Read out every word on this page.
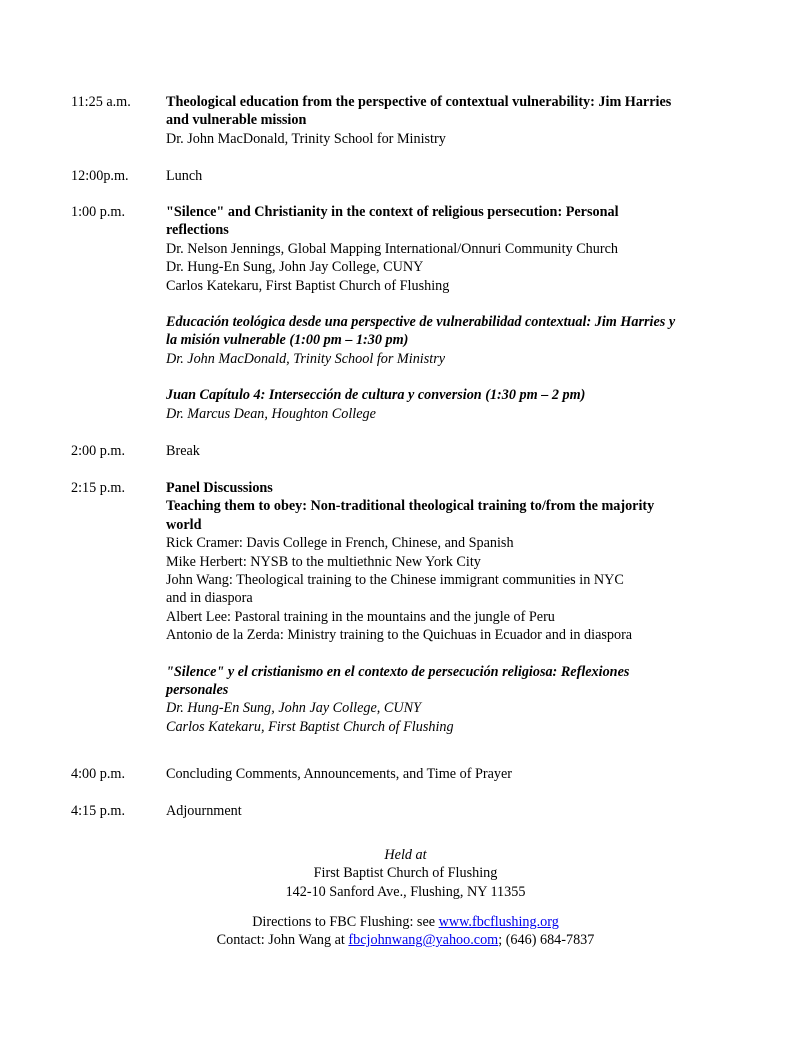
11:25 a.m.	Theological education from the perspective of contextual vulnerability: Jim Harries
and vulnerable mission
Dr. John MacDonald, Trinity School for Ministry
12:00p.m.	Lunch
1:00 p.m.	"Silence" and Christianity in the context of religious persecution: Personal
reflections
Dr. Nelson Jennings, Global Mapping International/Onnuri Community Church
Dr. Hung-En Sung, John Jay College, CUNY
Carlos Katekaru, First Baptist Church of Flushing
Educación teológica desde una perspective de vulnerabilidad contextual: Jim Harries y
la misión vulnerable (1:00 pm – 1:30 pm)
Dr. John MacDonald, Trinity School for Ministry
Juan Capítulo 4: Intersección de cultura y conversion (1:30 pm – 2 pm)
Dr. Marcus Dean, Houghton College
2:00 p.m.	Break
2:15 p.m.	Panel Discussions
Teaching them to obey: Non-traditional theological training to/from the majority
world
Rick Cramer: Davis College in French, Chinese, and Spanish
Mike Herbert: NYSB to the multiethnic New York City
John Wang: Theological training to the Chinese immigrant communities in NYC
and in diaspora
Albert Lee: Pastoral training in the mountains and the jungle of Peru
Antonio de la Zerda: Ministry training to the Quichuas in Ecuador and in diaspora
"Silence" y el cristianismo en el contexto de persecución religiosa: Reflexiones
personales
Dr. Hung-En Sung, John Jay College, CUNY
Carlos Katekaru, First Baptist Church of Flushing
4:00 p.m.	Concluding Comments, Announcements, and Time of Prayer
4:15 p.m.	Adjournment
Held at
First Baptist Church of Flushing
142-10 Sanford Ave., Flushing, NY 11355
Directions to FBC Flushing: see www.fbcflushing.org
Contact: John Wang at fbcjohnwang@yahoo.com; (646) 684-7837
